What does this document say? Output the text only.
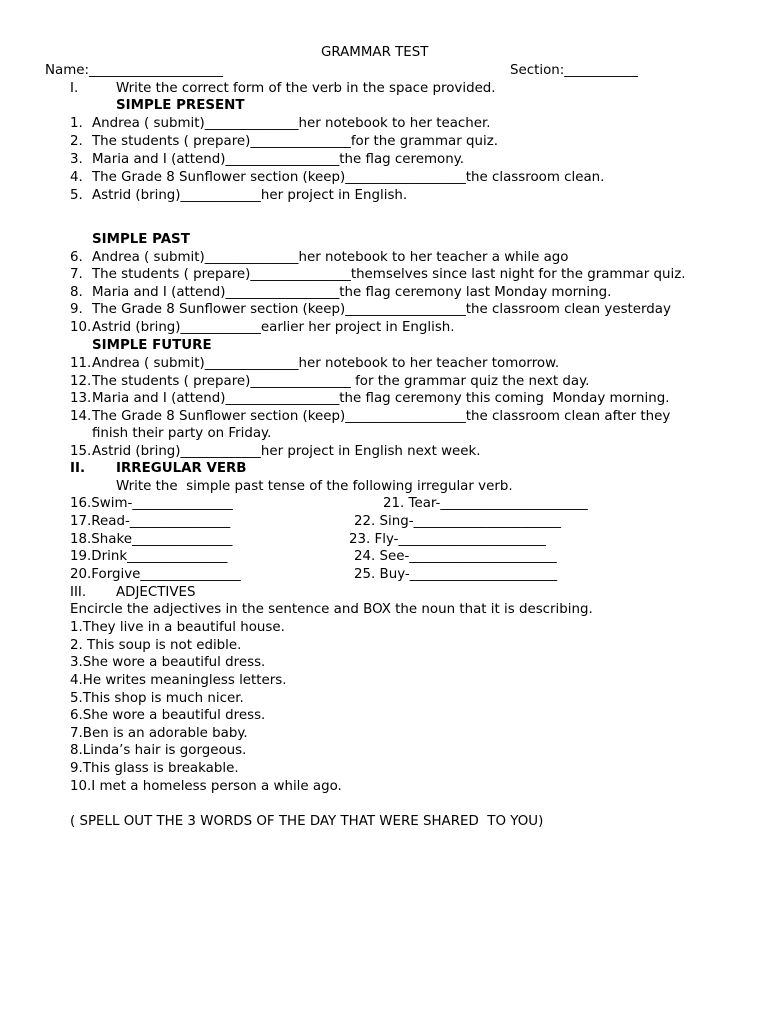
GRAMMAR TEST
Name:____________________	Section:___________
I.	Write the correct form of the verb in the space provided.
SIMPLE PRESENT
1. Andrea ( submit)______________her notebook to her teacher.
2. The students ( prepare)_______________for the grammar quiz.
3. Maria and I (attend)_________________the flag ceremony.
4. The Grade 8 Sunflower section (keep)__________________the classroom clean.
5. Astrid (bring)____________her project in English.
SIMPLE PAST
6. Andrea ( submit)______________her notebook to her teacher a while ago
7. The students ( prepare)_______________themselves since last night for the grammar quiz.
8. Maria and I (attend)_________________the flag ceremony last Monday morning.
9. The Grade 8 Sunflower section (keep)__________________the classroom clean yesterday
10. Astrid (bring)____________earlier her project in English.
SIMPLE FUTURE
11. Andrea ( submit)______________her notebook to her teacher tomorrow.
12. The students ( prepare)_______________ for the grammar quiz the next day.
13. Maria and I (attend)_________________the flag ceremony this coming  Monday morning.
14. The Grade 8 Sunflower section (keep)__________________the classroom clean after they
finish their party on Friday.
15. Astrid (bring)____________her project in English next week.
II. IRREGULAR VERB
Write the  simple past tense of the following irregular verb.
16.Swim-_______________
17.Read-_______________
18.Shake_______________
19.Drink_______________
20.Forgive_______________
21. Tear-______________________
22. Sing-______________________
23. Fly-______________________
24. See-______________________
25. Buy-______________________
III. ADJECTIVES
Encircle the adjectives in the sentence and BOX the noun that it is describing.
1.They live in a beautiful house.
2. This soup is not edible.
3.She wore a beautiful dress.
4.He writes meaningless letters.
5.This shop is much nicer.
6.She wore a beautiful dress.
7.Ben is an adorable baby.
8.Linda’s hair is gorgeous.
9.This glass is breakable.
10.I met a homeless person a while ago.
( SPELL OUT THE 3 WORDS OF THE DAY THAT WERE SHARED  TO YOU)
